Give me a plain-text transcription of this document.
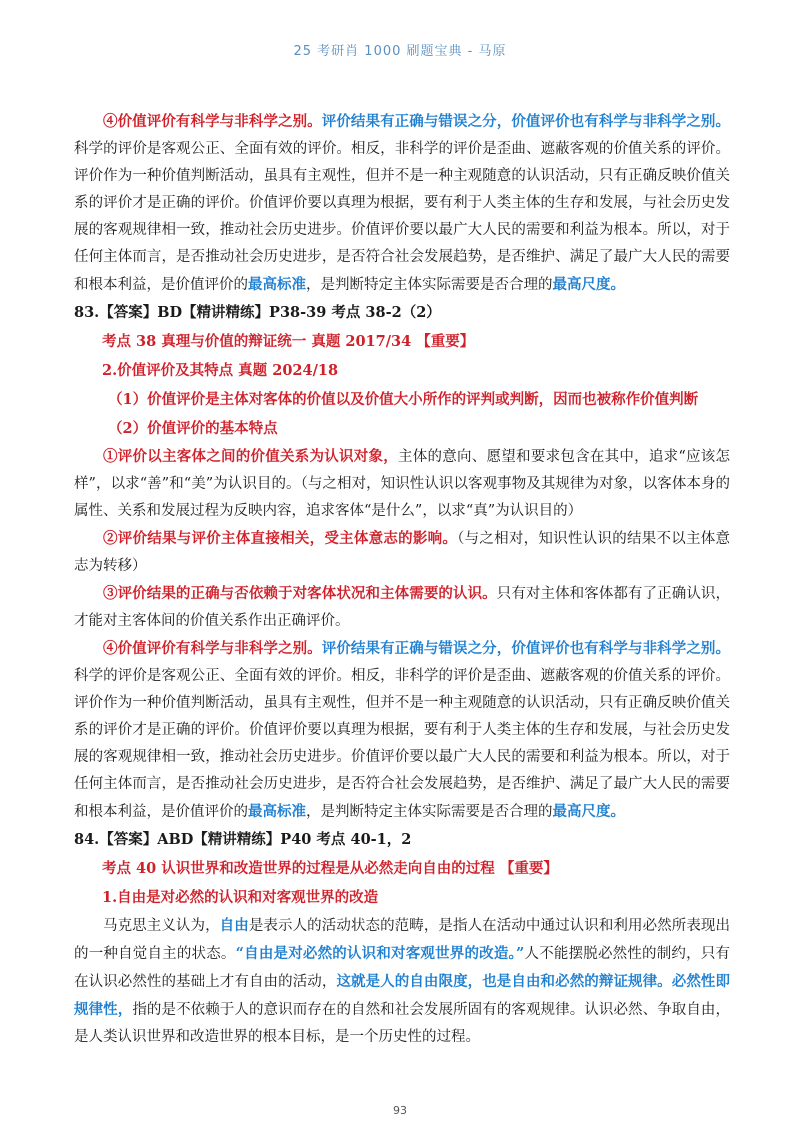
25 考研肖 1000 刷题宝典 - 马原

④价值评价有科学与非科学之别。评价结果有正确与错误之分，价值评价也有科学与非科学之别。科学的评价是客观公正、全面有效的评价。相反，非科学的评价是歪曲、遮蔽客观的价值关系的评价。评价作为一种价值判断活动，虽具有主观性，但并不是一种主观随意的认识活动，只有正确反映价值关系的评价才是正确的评价。价值评价要以真理为根据，要有利于人类主体的生存和发展，与社会历史发展的客观规律相一致，推动社会历史进步。价值评价要以最广大人民的需要和利益为根本。所以，对于任何主体而言，是否推动社会历史进步，是否符合社会发展趋势，是否维护、满足了最广大人民的需要和根本利益，是价值评价的最高标准，是判断特定主体实际需要是否合理的最高尺度。

83.【答案】BD【精讲精练】P38-39 考点 38-2（2）

考点 38 真理与价值的辩证统一 真题 2017/34 【重要】

2.价值评价及其特点 真题 2024/18

（1）价值评价是主体对客体的价值以及价值大小所作的评判或判断，因而也被称作价值判断

（2）价值评价的基本特点

①评价以主客体之间的价值关系为认识对象，主体的意向、愿望和要求包含在其中，追求“应该怎样”，以求“善”和“美”为认识目的。（与之相对，知识性认识以客观事物及其规律为对象，以客体本身的属性、关系和发展过程为反映内容，追求客体“是什么”，以求“真”为认识目的）

②评价结果与评价主体直接相关，受主体意志的影响。（与之相对，知识性认识的结果不以主体意志为转移）

③评价结果的正确与否依赖于对客体状况和主体需要的认识。只有对主体和客体都有了正确认识，才能对主客体间的价值关系作出正确评价。

④价值评价有科学与非科学之别。评价结果有正确与错误之分，价值评价也有科学与非科学之别。科学的评价是客观公正、全面有效的评价。相反，非科学的评价是歪曲、遮蔽客观的价值关系的评价。评价作为一种价值判断活动，虽具有主观性，但并不是一种主观随意的认识活动，只有正确反映价值关系的评价才是正确的评价。价值评价要以真理为根据，要有利于人类主体的生存和发展，与社会历史发展的客观规律相一致，推动社会历史进步。价值评价要以最广大人民的需要和利益为根本。所以，对于任何主体而言，是否推动社会历史进步，是否符合社会发展趋势，是否维护、满足了最广大人民的需要和根本利益，是价值评价的最高标准，是判断特定主体实际需要是否合理的最高尺度。

84.【答案】ABD【精讲精练】P40 考点 40-1，2

考点 40 认识世界和改造世界的过程是从必然走向自由的过程 【重要】

1.自由是对必然的认识和对客观世界的改造

马克思主义认为，自由是表示人的活动状态的范畴，是指人在活动中通过认识和利用必然所表现出的一种自觉自主的状态。“自由是对必然的认识和对客观世界的改造。”人不能摆脱必然性的制约，只有在认识必然性的基础上才有自由的活动，这就是人的自由限度，也是自由和必然的辩证规律。必然性即规律性，指的是不依赖于人的意识而存在的自然和社会发展所固有的客观规律。认识必然、争取自由，是人类认识世界和改造世界的根本目标，是一个历史性的过程。

93
